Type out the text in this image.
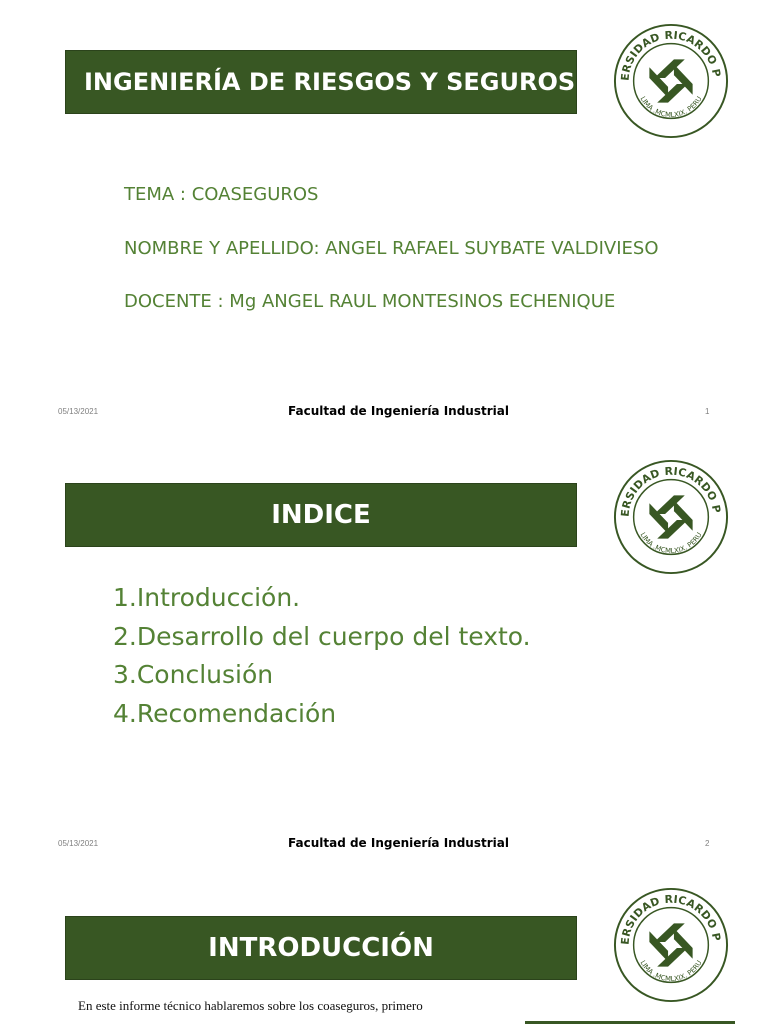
INGENIERÍA DE RIESGOS Y SEGUROS	ERSIDAD RICARDO P
LIMA .MCMLXIX. PERU
TEMA : COASEGUROS
NOMBRE Y APELLIDO: ANGEL RAFAEL SUYBATE VALDIVIESO
DOCENTE : Mg ANGEL RAUL MONTESINOS ECHENIQUE
05/13/2021	Facultad de Ingeniería Industrial	1
INDICE	ERSIDAD RICARDO P
LIMA .MCMLXIX. PERU
1.Introducción.
2.Desarrollo del cuerpo del texto.
3.Conclusión
4.Recomendación
05/13/2021	Facultad de Ingeniería Industrial	2
INTRODUCCIÓN	ERSIDAD RICARDO P
LIMA .MCMLXIX. PERU
En este informe técnico hablaremos sobre los coaseguros, primero
